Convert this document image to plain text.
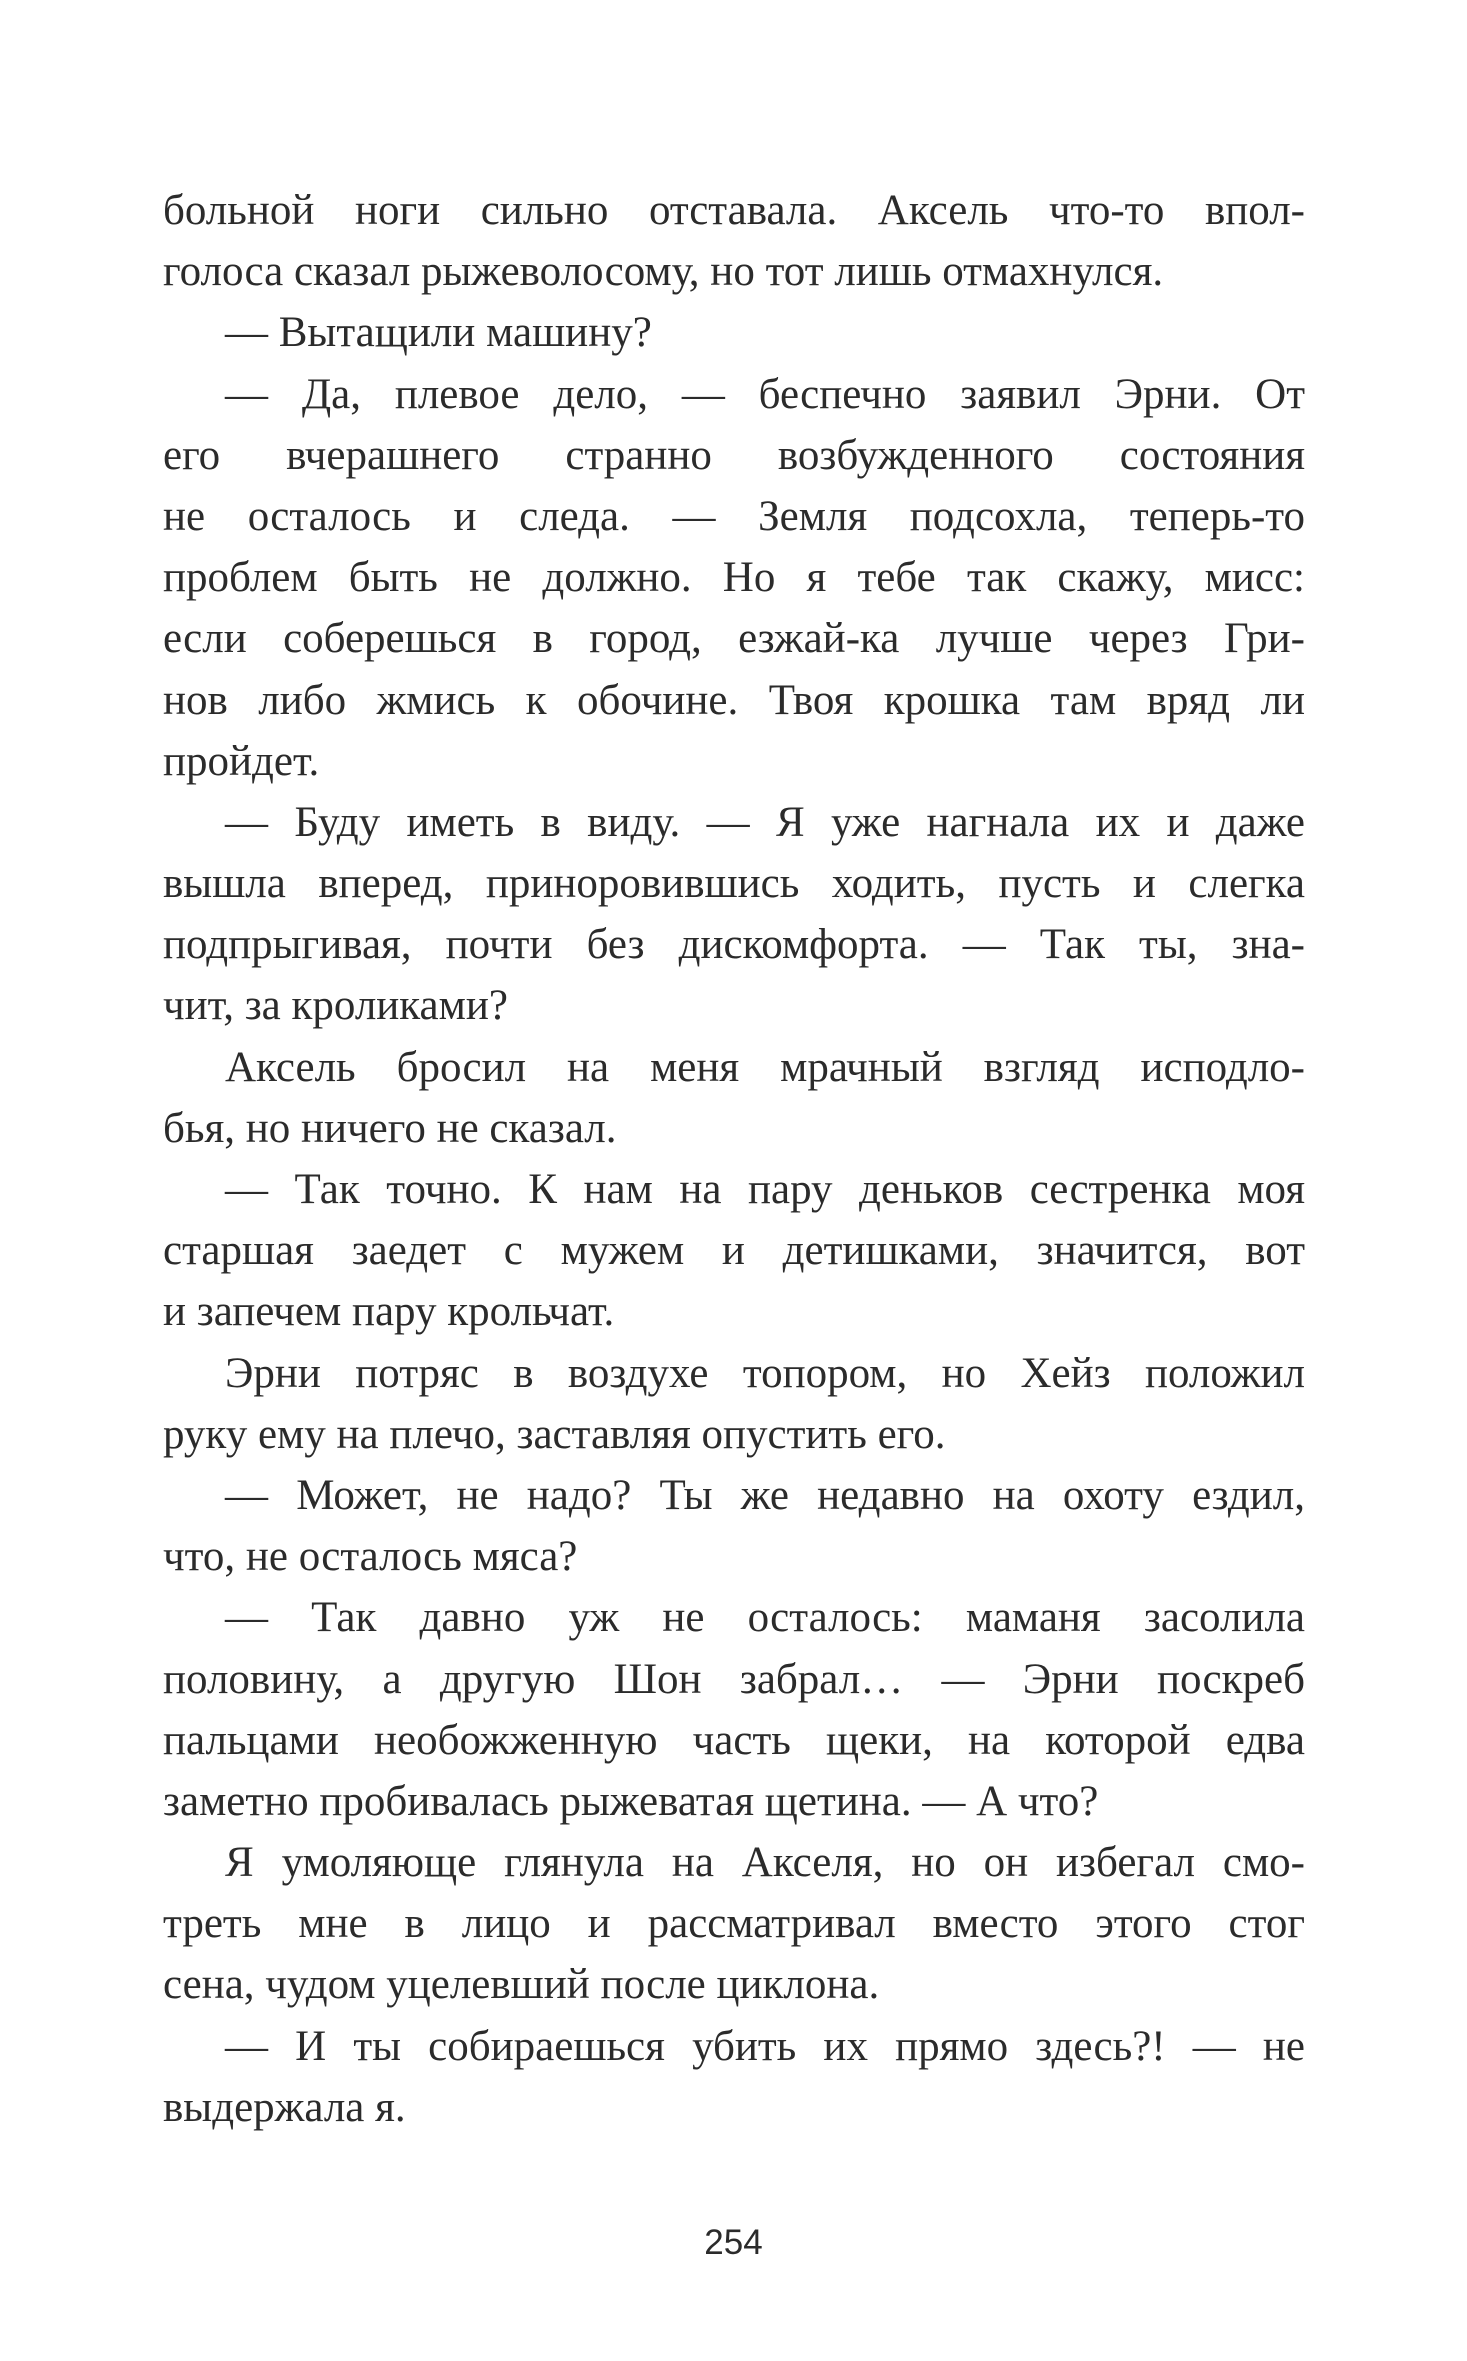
больной ноги сильно отставала. Аксель что-то впол-
голоса сказал рыжеволосому, но тот лишь отмахнулся.
— Вытащили машину?
— Да, плевое дело, — беспечно заявил Эрни. От
его вчерашнего странно возбужденного состояния
не осталось и следа. — Земля подсохла, теперь-то
проблем быть не должно. Но я тебе так скажу, мисс:
если соберешься в город, езжай-ка лучше через Гри-
нов либо жмись к обочине. Твоя крошка там вряд ли
пройдет.
— Буду иметь в виду. — Я уже нагнала их и даже
вышла вперед, приноровившись ходить, пусть и слегка
подпрыгивая, почти без дискомфорта. — Так ты, зна-
чит, за кроликами?
Аксель бросил на меня мрачный взгляд исподло-
бья, но ничего не сказал.
— Так точно. К нам на пару деньков сестренка моя
старшая заедет с мужем и детишками, значится, вот
и запечем пару крольчат.
Эрни потряс в воздухе топором, но Хейз положил
руку ему на плечо, заставляя опустить его.
— Может, не надо? Ты же недавно на охоту ездил,
что, не осталось мяса?
— Так давно уж не осталось: маманя засолила
половину, а другую Шон забрал… — Эрни поскреб
пальцами необожженную часть щеки, на которой едва
заметно пробивалась рыжеватая щетина. — А что?
Я умоляюще глянула на Акселя, но он избегал смо-
треть мне в лицо и рассматривал вместо этого стог
сена, чудом уцелевший после циклона.
— И ты собираешься убить их прямо здесь?! — не
выдержала я.
254
